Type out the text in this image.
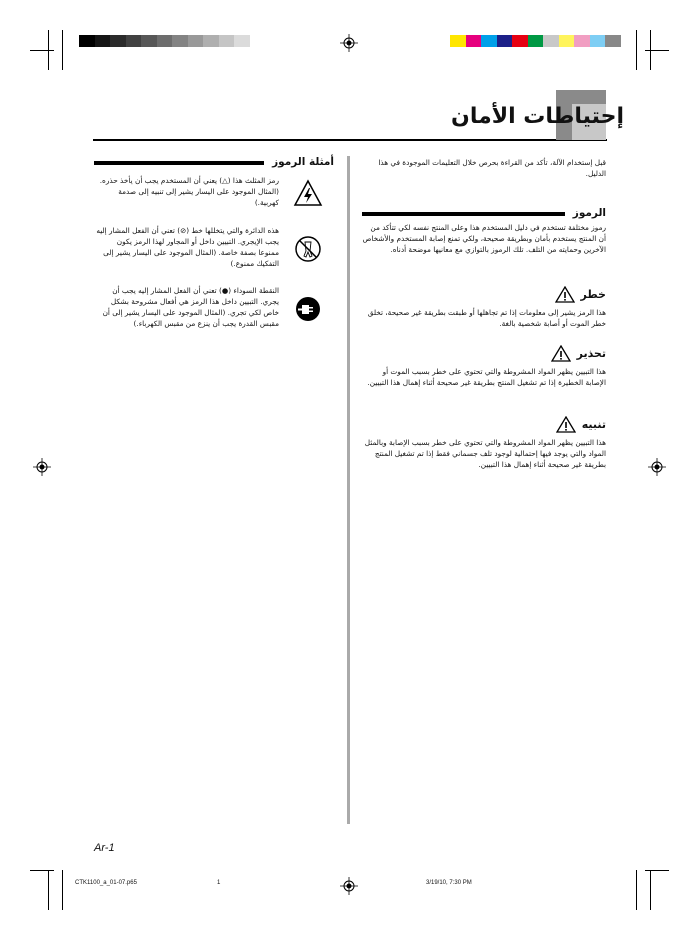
إحتياطات الأمان
قبل إستخدام الآلة، تأكد من القراءة بحرص خلال التعليمات الموجودة في هذا الدليل.
الرموز

رموز مختلفة تستخدم في دليل المستخدم هذا وعلى المنتج نفسه لكي تتأكد من أن المنتج يستخدم بأمان وبطريقة صحيحة، ولكي تمنع إصابة المستخدم والأشخاص الآخرين وحمايته من التلف. تلك الرموز بالتوازي مع معانيها موضحة أدناه.

خطر

هذا الرمز يشير إلى معلومات إذا تم تجاهلها أو طبقت بطريقة غير صحيحة، تخلق خطر الموت أو أصابة شخصية بالغة.

تحذير

هذا التبيين يظهر المواد المشروطة والتي تحتوي على خطر بسبب الموت أو الإصابة الخطيرة إذا تم تشغيل المنتج بطريقة غير صحيحة أثناء إهمال هذا التبيين.

تنبيه

هذا التبيين يظهر المواد المشروطة والتي تحتوي على خطر بسبب الإصابة وبالمثل المواد والتي يوجد فيها إحتمالية لوجود تلف جسماني فقط إذا تم تشغيل المنتج بطريقة غير صحيحة أثناء إهمال هذا التبيين.

أمثلة الرموز
رمز المثلث هذا (△) يعني أن المستخدم يجب أن يأخذ حذره. (المثال الموجود على اليسار يشير إلى تنبيه إلى صدمة كهربية.)
هذه الدائرة والتي يتخللها خط (⊘) تعني أن الفعل المشار إليه يجب الإيجري. التبيين داخل أو المجاور لهذا الرمز يكون ممنوعا بصفة خاصة. (المثال الموجود على اليسار يشير إلى التفكيك ممنوع.)
النقطة السوداء (●) تعني أن الفعل المشار إليه يجب أن يجري. التبيين داخل هذا الرمز هي أفعال مشروحة بشكل خاص لكي تجري. (المثال الموجود على اليسار يشير إلى أن مقبس القدرة يجب أن ينزع من مقبس الكهرباء.)
Ar-1
CTK1100_a_01-07.p65	1	3/19/10, 7:30 PM
